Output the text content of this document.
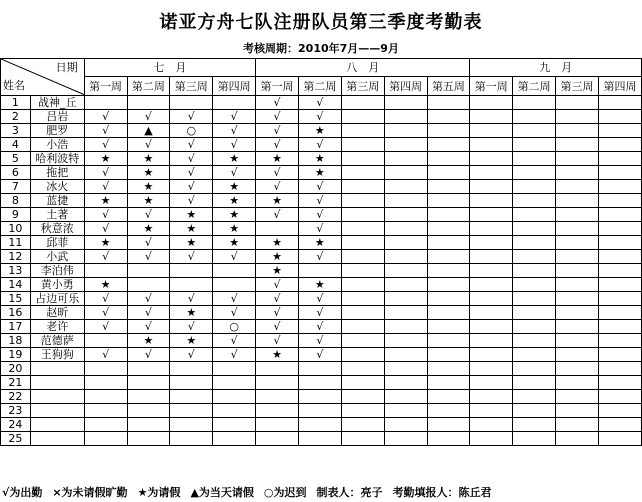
诺亚方舟七队注册队员第三季度考勤表
考核周期：2010年7月——9月
日期
姓名		七　月				八　月					九　月			
		第一周	第二周	第三周	第四周	第一周	第二周	第三周	第四周	第五周	第一周	第二周	第三周	第四周
1	战神_丘					√	√							
2	吕岩	√	√	√	√	√	√							
3	肥罗	√	▲	○	√	√	★							
4	小浩	√	√	√	√	√	√							
5	哈利波特	★	★	√	★	★	★							
6	拖把	√	★	√	√	√	★							
7	冰火	√	★	√	★	√	√							
8	蓝捷	★	★	√	★	★	√							
9	土著	√	√	★	★	√	√							
10	秋意浓	√	★	★	★		√							
11	邱菲	★	√	★	★	★	★							
12	小武	√	√	√	√	★	√							
13	李泊伟					★								
14	黄小勇	★				√	★							
15	占边可乐	√	√	√	√	√	√							
16	赵昕	√	√	★	√	√	√							
17	老许	√	√	√	○	√	√							
18	范德萨		★	★	√	√	√							
19	王狗狗	√	√	√	√	★	√							
20														
21														
22														
23														
24														
25														
√为出勤 ×为未请假旷勤 ★为请假 ▲为当天请假 ○为迟到 制表人：亮子 考勤填报人：陈丘君
